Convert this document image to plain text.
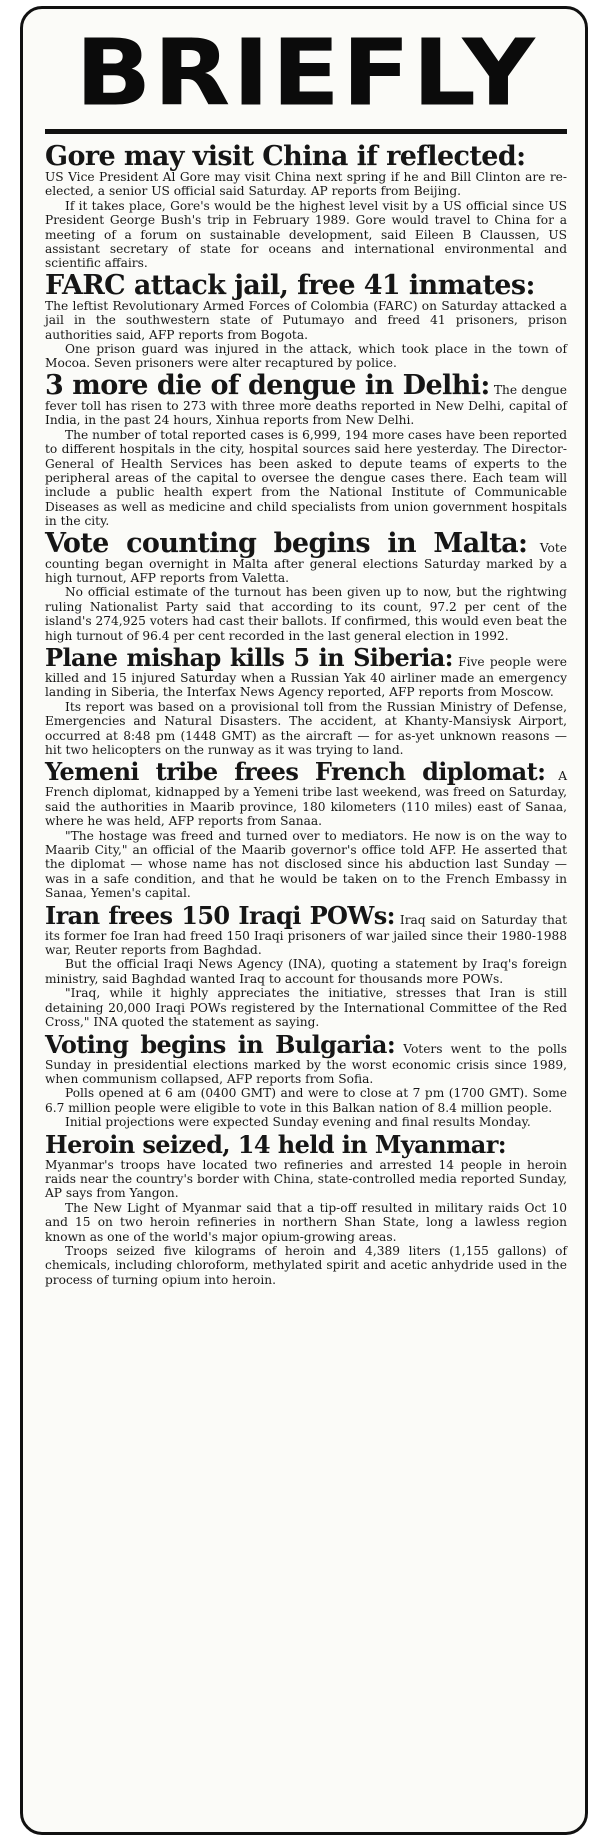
BRIEFLY

Gore may visit China if reflected:
US Vice President Al Gore may visit China next spring if he and Bill Clinton are re-elected, a senior US official said Saturday. AP reports from Beijing.

If it takes place, Gore's would be the highest level visit by a US official since US President George Bush's trip in February 1989. Gore would travel to China for a meeting of a forum on sustainable development, said Eileen B Claussen, US assistant secretary of state for oceans and international environmental and scientific affairs.

FARC attack jail, free 41 inmates:
The leftist Revolutionary Armed Forces of Colombia (FARC) on Saturday attacked a jail in the southwestern state of Putumayo and freed 41 prisoners, prison authorities said, AFP reports from Bogota.

One prison guard was injured in the attack, which took place in the town of Mocoa. Seven prisoners were alter recaptured by police.

3 more die of dengue in Delhi: The dengue fever toll has risen to 273 with three more deaths reported in New Delhi, capital of India, in the past 24 hours, Xinhua reports from New Delhi.

The number of total reported cases is 6,999, 194 more cases have been reported to different hospitals in the city, hospital sources said here yesterday. The Director-General of Health Services has been asked to depute teams of experts to the peripheral areas of the capital to oversee the dengue cases there. Each team will include a public health expert from the National Institute of Communicable Diseases as well as medicine and child specialists from union government hospitals in the city.

Vote counting begins in Malta: Vote counting began overnight in Malta after general elections Saturday marked by a high turnout, AFP reports from Valetta.

No official estimate of the turnout has been given up to now, but the rightwing ruling Nationalist Party said that according to its count, 97.2 per cent of the island's 274,925 voters had cast their ballots. If confirmed, this would even beat the high turnout of 96.4 per cent recorded in the last general election in 1992.

Plane mishap kills 5 in Siberia: Five people were killed and 15 injured Saturday when a Russian Yak 40 airliner made an emergency landing in Siberia, the Interfax News Agency reported, AFP reports from Moscow.

Its report was based on a provisional toll from the Russian Ministry of Defense, Emergencies and Natural Disasters. The accident, at Khanty-Mansiysk Airport, occurred at 8:48 pm (1448 GMT) as the aircraft — for as-yet unknown reasons — hit two helicopters on the runway as it was trying to land.

Yemeni tribe frees French diplomat: A French diplomat, kidnapped by a Yemeni tribe last weekend, was freed on Saturday, said the authorities in Maarib province, 180 kilometers (110 miles) east of Sanaa, where he was held, AFP reports from Sanaa.

"The hostage was freed and turned over to mediators. He now is on the way to Maarib City," an official of the Maarib governor's office told AFP. He asserted that the diplomat — whose name has not disclosed since his abduction last Sunday — was in a safe condition, and that he would be taken on to the French Embassy in Sanaa, Yemen's capital.

Iran frees 150 Iraqi POWs: Iraq said on Saturday that its former foe Iran had freed 150 Iraqi prisoners of war jailed since their 1980-1988 war, Reuter reports from Baghdad.

But the official Iraqi News Agency (INA), quoting a statement by Iraq's foreign ministry, said Baghdad wanted Iraq to account for thousands more POWs.

"Iraq, while it highly appreciates the initiative, stresses that Iran is still detaining 20,000 Iraqi POWs registered by the International Committee of the Red Cross," INA quoted the statement as saying.

Voting begins in Bulgaria: Voters went to the polls Sunday in presidential elections marked by the worst economic crisis since 1989, when communism collapsed, AFP reports from Sofia.

Polls opened at 6 am (0400 GMT) and were to close at 7 pm (1700 GMT). Some 6.7 million people were eligible to vote in this Balkan nation of 8.4 million people.

Initial projections were expected Sunday evening and final results Monday.

Heroin seized, 14 held in Myanmar:
Myanmar's troops have located two refineries and arrested 14 people in heroin raids near the country's border with China, state-controlled media reported Sunday, AP says from Yangon.

The New Light of Myanmar said that a tip-off resulted in military raids Oct 10 and 15 on two heroin refineries in northern Shan State, long a lawless region known as one of the world's major opium-growing areas.

Troops seized five kilograms of heroin and 4,389 liters (1,155 gallons) of chemicals, including chloroform, methylated spirit and acetic anhydride used in the process of turning opium into heroin.
